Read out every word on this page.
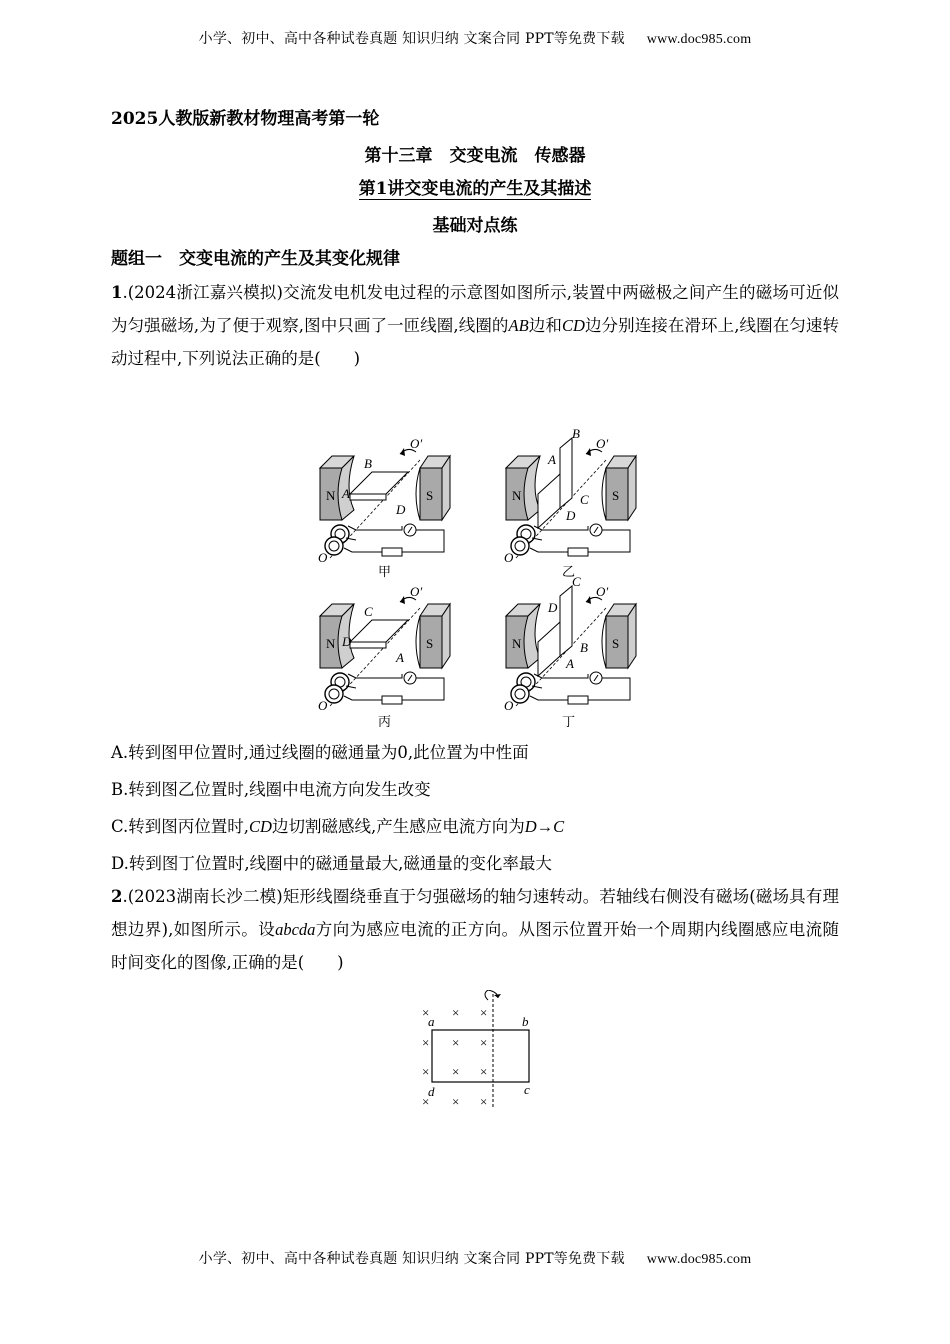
小学、初中、高中各种试卷真题 知识归纳 文案合同 PPT等免费下载 www.doc985.com
2025人教版新教材物理高考第一轮
第十三章　交变电流　传感器
第1讲交变电流的产生及其描述
基础对点练
题组一　交变电流的产生及其变化规律
1.(2024浙江嘉兴模拟)交流发电机发电过程的示意图如图所示,装置中两磁极之间产生的磁场可近似为匀强磁场,为了便于观察,图中只画了一匝线圈,线圈的AB边和CD边分别连接在滑环上,线圈在匀速转动过程中,下列说法正确的是(　　)
N	S
B
A
D
O′
O
甲
N	S
B
A
C
D
O′
O
乙
N	S
C
D
A
O′
O
丙
N	S
C
D
B
A
O′
O
丁
A.转到图甲位置时,通过线圈的磁通量为0,此位置为中性面
B.转到图乙位置时,线圈中电流方向发生改变
C.转到图丙位置时,CD边切割磁感线,产生感应电流方向为D→C
D.转到图丁位置时,线圈中的磁通量最大,磁通量的变化率最大
2.(2023湖南长沙二模)矩形线圈绕垂直于匀强磁场的轴匀速转动。若轴线右侧没有磁场(磁场具有理想边界),如图所示。设abcda方向为感应电流的正方向。从图示位置开始一个周期内线圈感应电流随时间变化的图像,正确的是(　　)
× × ×
× × ×
× × ×
× × ×
a	b
c
d
小学、初中、高中各种试卷真题 知识归纳 文案合同 PPT等免费下载 www.doc985.com
